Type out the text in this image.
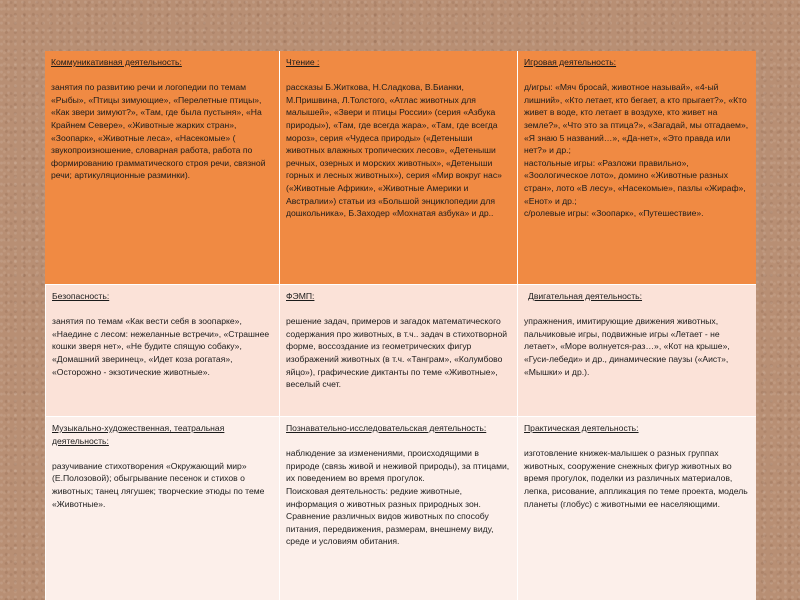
Коммуникативная деятельность:
занятия по развитию речи и логопедии по темам «Рыбы», «Птицы зимующие», «Перелетные птицы», «Как звери зимуют?», «Там, где была пустыня», «На Крайнем Севере», «Животные жарких стран», «Зоопарк», «Животные леса», «Насекомые» ( звукопроизношение, словарная работа, работа по формированию грамматического строя речи, связной речи; артикуляционные разминки).
Чтение :
рассказы Б.Житкова, Н.Сладкова, В.Бианки, М.Пришвина, Л.Толстого, «Атлас животных для малышей», «Звери и птицы России» (серия «Азбука природы»), «Там, где всегда жара», «Там, где всегда мороз», серия «Чудеса природы» («Детеныши животных влажных тропических лесов», «Детеныши речных, озерных и морских животных», «Детеныши горных и лесных животных»), серия «Мир вокруг нас» («Животные Африки», «Животные Америки и Австралии») статьи из «Большой энциклопедии для дошкольника», Б.Заходер «Мохнатая азбука» и др..
Игровая деятельность:
д/игры: «Мяч бросай, животное называй», «4-ый лишний», «Кто летает, кто бегает, а кто прыгает?», «Кто живет в воде, кто летает в воздухе, кто живет на земле?», «Что это за птица?», «Загадай, мы отгадаем», «Я знаю 5 названий…», «Да-нет», «Это правда или нет?» и др.;
настольные игры: «Разложи правильно», «Зоологическое лото», домино «Животные разных стран», лото «В лесу», «Насекомые», пазлы «Жираф», «Енот» и др.;
с/ролевые игры: «Зоопарк», «Путешествие».
Безопасность:
занятия по темам «Как вести себя в зоопарке», «Наедине с лесом: нежеланные встречи», «Страшнее кошки зверя нет», «Не будите спящую собаку», «Домашний зверинец», «Идет коза рогатая», «Осторожно - экзотические животные».
ФЭМП:
решение задач, примеров и загадок математического содержания про животных, в т.ч.. задач в стихотворной форме, воссоздание из геометрических фигур изображений животных (в т.ч. «Танграм», «Колумбово яйцо»), графические диктанты по теме «Животные», веселый счет.
Двигательная деятельность:
упражнения, имитирующие движения животных, пальчиковые игры, подвижные игры «Летает - не летает», «Море волнуется-раз…», «Кот на крыше», «Гуси-лебеди» и др., динамические паузы («Аист», «Мышки» и др.).
Музыкально-художественная, театральная деятельность:
разучивание стихотворения «Окружающий мир» (Е.Полозовой); обыгрывание песенок и стихов о животных; танец лягушек; творческие этюды по теме «Животные».
Познавательно-исследовательская деятельность:
наблюдение за изменениями, происходящими в природе (связь живой и неживой природы), за птицами, их поведением во время прогулок.
Поисковая деятельность: редкие животные, информация о животных разных природных зон.
Сравнение различных видов животных по способу питания, передвижения, размерам, внешнему виду, среде и условиям обитания.
Практическая деятельность:
изготовление книжек-малышек о разных группах животных, сооружение снежных фигур животных во время прогулок, поделки из различных материалов, лепка, рисование, аппликация по теме проекта, модель планеты (глобус) с животными ее населяющими.
